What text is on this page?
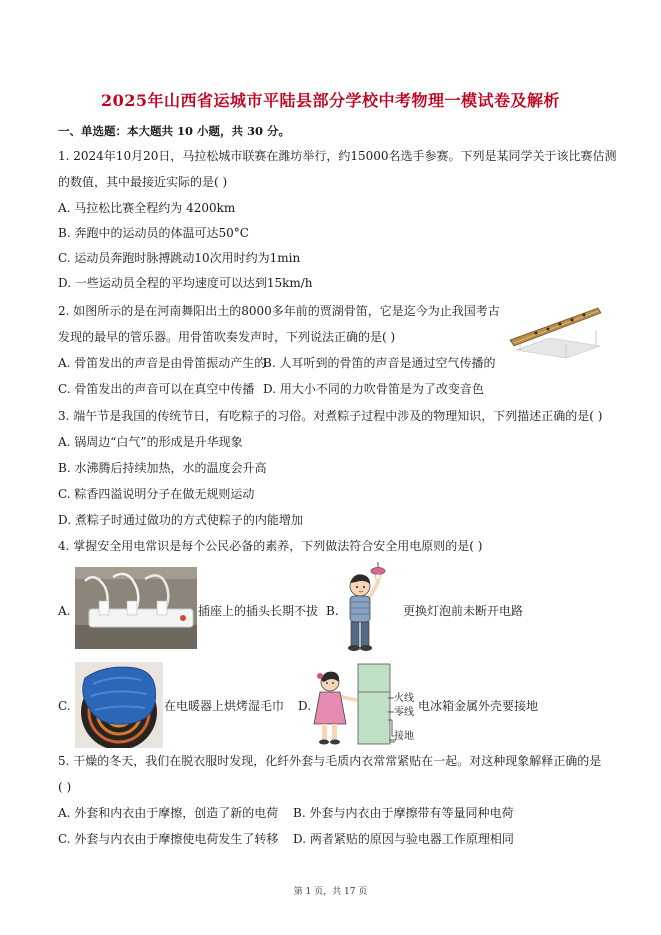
2025年山西省运城市平陆县部分学校中考物理一模试卷及解析
一、单选题：本大题共 10 小题，共 30 分。
1. 2024年10月20日，马拉松城市联赛在潍坊举行，约15000名选手参赛。下列是某同学关于该比赛估测
的数值，其中最接近实际的是( )
A. 马拉松比赛全程约为 4200km
B. 奔跑中的运动员的体温可达50°C
C. 运动员奔跑时脉搏跳动10次用时约为1min
D. 一些运动员全程的平均速度可以达到15km/h
2. 如图所示的是在河南舞阳出土的8000多年前的贾湖骨笛，它是迄今为止我国考古
发现的最早的管乐器。用骨笛吹奏发声时，下列说法正确的是( )
A. 骨笛发出的声音是由骨笛振动产生的
B. 人耳听到的骨笛的声音是通过空气传播的
C. 骨笛发出的声音可以在真空中传播 D. 用大小不同的力吹骨笛是为了改变音色
3. 端午节是我国的传统节日，有吃粽子的习俗。对煮粽子过程中涉及的物理知识，下列描述正确的是( )
A. 锅周边“白气”的形成是升华现象
B. 水沸腾后持续加热，水的温度会升高
C. 粽香四溢说明分子在做无规则运动
D. 煮粽子时通过做功的方式使粽子的内能增加
4. 掌握安全用电常识是每个公民必备的素养，下列做法符合安全用电原则的是( )
A.	插座上的插头长期不拔 B.	更换灯泡前未断开电路
C.	在电暖器上烘烤湿毛巾 D.
火线
零线
接地
电冰箱金属外壳要接地
5. 干燥的冬天，我们在脱衣服时发现，化纤外套与毛质内衣常常紧贴在一起。对这种现象解释正确的是
( )
A. 外套和内衣由于摩擦，创造了新的电荷 B. 外套与内衣由于摩擦带有等量同种电荷
C. 外套与内衣由于摩擦使电荷发生了转移 D. 两者紧贴的原因与验电器工作原理相同
第 1 页，共 17 页
